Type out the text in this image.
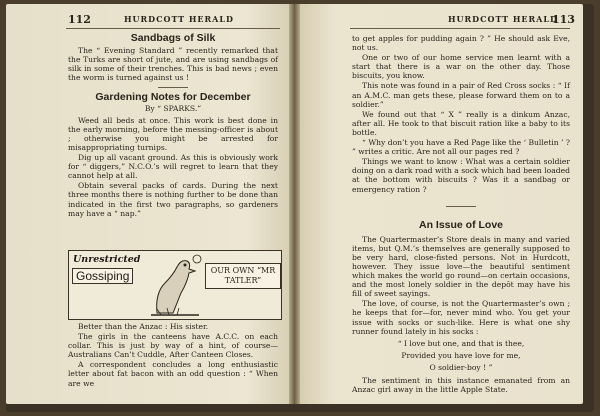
112	HURDCOTT HERALD
Sandbags of Silk

The “ Evening Standard ” recently remarked that the Turks are short of jute, and are using sandbags of silk in some of their trenches. This is bad news ; even the worm is turned against us !

Gardening Notes for December
By “ SPARKS.”

Weed all beds at once. This work is best done in the early morning, before the messing-officer is about ; otherwise you might be arrested for misappropriating turnips.

Dig up all vacant ground. As this is obviously work for “ diggers,” N.C.O.’s will regret to learn that they cannot help at all.

Obtain several packs of cards. During the next three months there is nothing further to be done than indicated in the first two paragraphs, so gardeners may have a “ nap.”

Unrestricted
Gossiping	OUR OWN “MR TATLER”

Better than the Anzac : His sister.

The girls in the canteens have A.C.C. on each collar. This is just by way of a hint, of course—Australians Can’t Cuddle, After Canteen Closes.

A correspondent concludes a long enthusiastic letter about fat bacon with an odd question : “ When are we

HURDCOTT HERALD
113

to get apples for pudding again ? ” He should ask Eve, not us.

One or two of our home service men learnt with a start that there is a war on the other day. Those biscuits, you know.

This note was found in a pair of Red Cross socks : “ If an A.M.C. man gets these, please forward them on to a soldier.”

We found out that “ X ” really is a dinkum Anzac, after all. He took to that biscuit ration like a baby to its bottle.

“ Why don’t you have a Red Page like the ‘ Bulletin ’ ? ” writes a critic. Are not all our pages red ?

Things we want to know : What was a certain soldier doing on a dark road with a sock which had been loaded at the bottom with biscuits ? Was it a sandbag or emergency ration ?

An Issue of Love

The Quartermaster’s Store deals in many and varied items, but Q.M.’s themselves are generally supposed to be very hard, close-fisted persons. Not in Hurdcott, however. They issue love—the beautiful sentiment which makes the world go round—on certain occasions, and the most lonely soldier in the depôt may have his fill of sweet sayings.

The love, of course, is not the Quartermaster’s own ; he keeps that for—for, never mind who. You get your issue with socks or such-like. Here is what one shy runner found lately in his socks :

“ I love but one, and that is thee,

Provided you have love for me,

O soldier-boy ! ”

The sentiment in this instance emanated from an Anzac girl away in the little Apple State.
